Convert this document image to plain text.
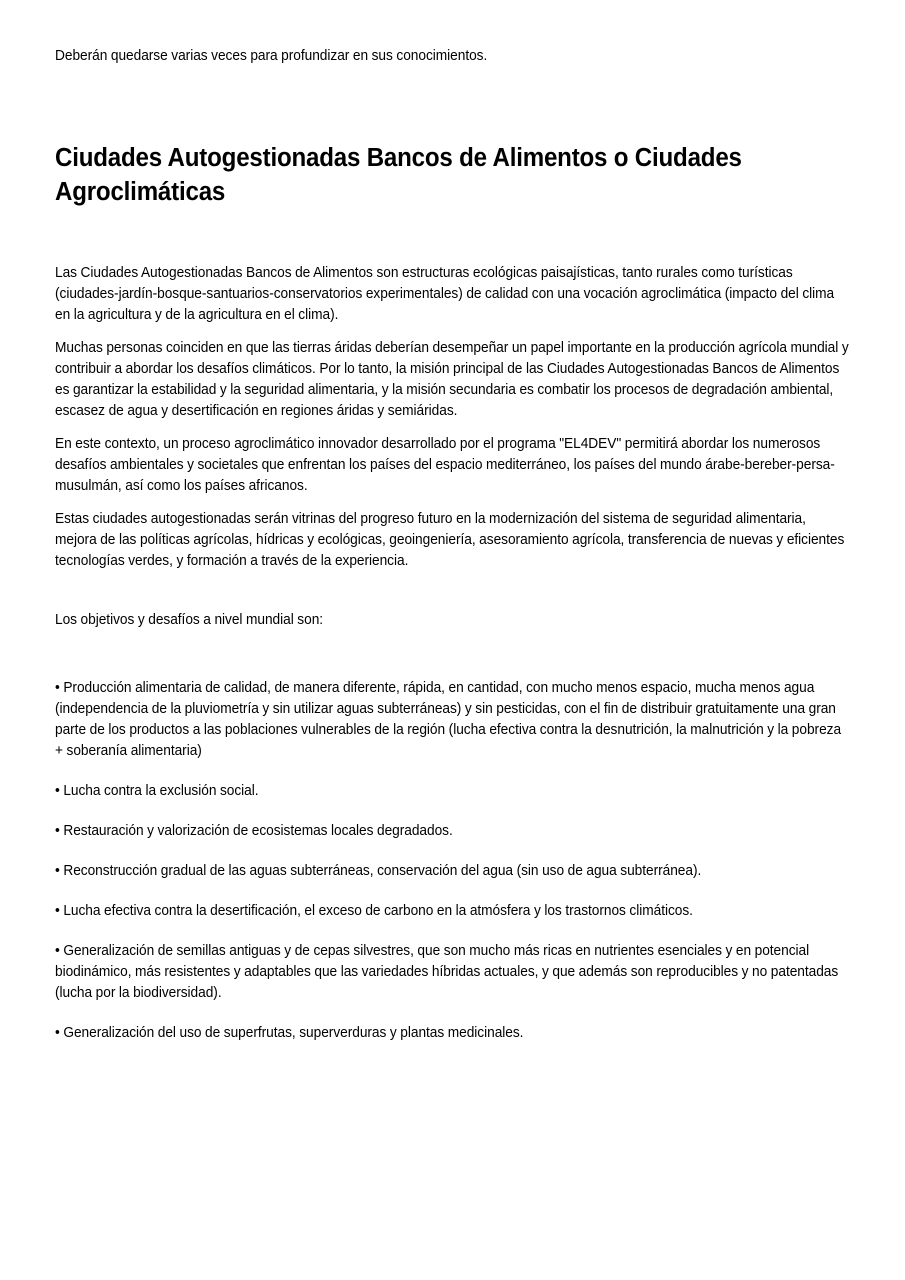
Deberán quedarse varias veces para profundizar en sus conocimientos.

Ciudades Autogestionadas Bancos de Alimentos o Ciudades Agroclimáticas

Las Ciudades Autogestionadas Bancos de Alimentos son estructuras ecológicas paisajísticas, tanto rurales como turísticas (ciudades-jardín-bosque-santuarios-conservatorios experimentales) de calidad con una vocación agroclimática (impacto del clima en la agricultura y de la agricultura en el clima).

Muchas personas coinciden en que las tierras áridas deberían desempeñar un papel importante en la producción agrícola mundial y contribuir a abordar los desafíos climáticos. Por lo tanto, la misión principal de las Ciudades Autogestionadas Bancos de Alimentos es garantizar la estabilidad y la seguridad alimentaria, y la misión secundaria es combatir los procesos de degradación ambiental, escasez de agua y desertificación en regiones áridas y semiáridas.

En este contexto, un proceso agroclimático innovador desarrollado por el programa "EL4DEV" permitirá abordar los numerosos desafíos ambientales y societales que enfrentan los países del espacio mediterráneo, los países del mundo árabe-bereber-persa-musulmán, así como los países africanos.

Estas ciudades autogestionadas serán vitrinas del progreso futuro en la modernización del sistema de seguridad alimentaria, mejora de las políticas agrícolas, hídricas y ecológicas, geoingeniería, asesoramiento agrícola, transferencia de nuevas y eficientes tecnologías verdes, y formación a través de la experiencia.

Los objetivos y desafíos a nivel mundial son:

• Producción alimentaria de calidad, de manera diferente, rápida, en cantidad, con mucho menos espacio, mucha menos agua (independencia de la pluviometría y sin utilizar aguas subterráneas) y sin pesticidas, con el fin de distribuir gratuitamente una gran parte de los productos a las poblaciones vulnerables de la región (lucha efectiva contra la desnutrición, la malnutrición y la pobreza + soberanía alimentaria)

• Lucha contra la exclusión social.

• Restauración y valorización de ecosistemas locales degradados.

• Reconstrucción gradual de las aguas subterráneas, conservación del agua (sin uso de agua subterránea).

• Lucha efectiva contra la desertificación, el exceso de carbono en la atmósfera y los trastornos climáticos.

• Generalización de semillas antiguas y de cepas silvestres, que son mucho más ricas en nutrientes esenciales y en potencial biodinámico, más resistentes y adaptables que las variedades híbridas actuales, y que además son reproducibles y no patentadas (lucha por la biodiversidad).

• Generalización del uso de superfrutas, superverduras y plantas medicinales.
